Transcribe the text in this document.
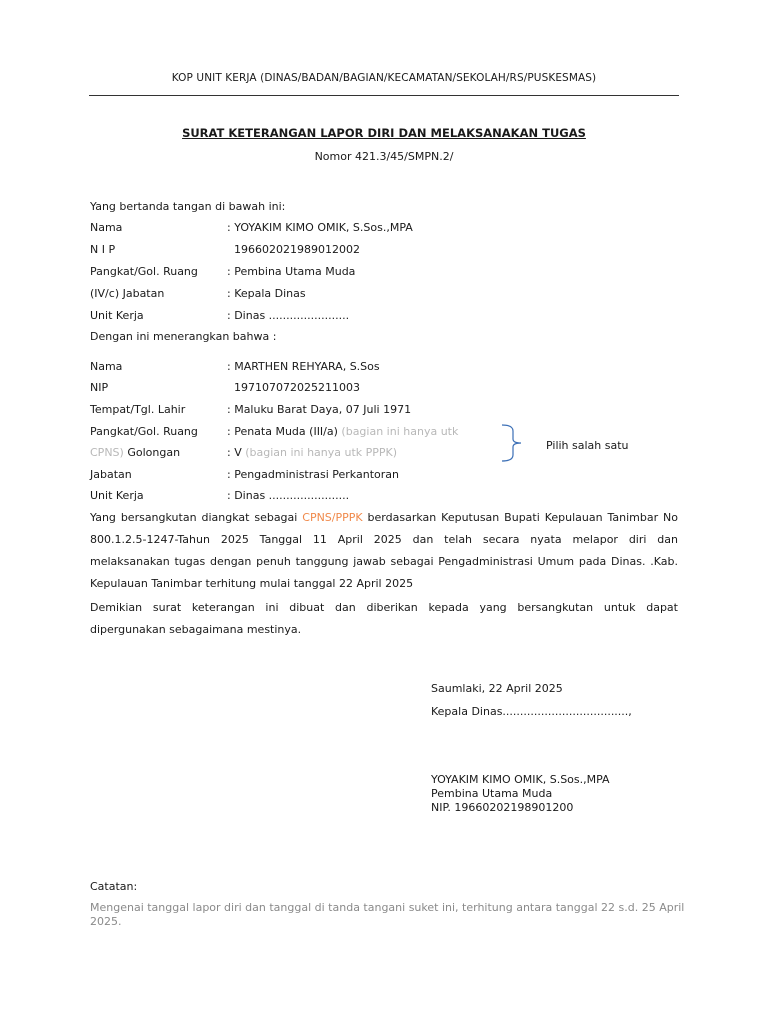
KOP UNIT KERJA (DINAS/BADAN/BAGIAN/KECAMATAN/SEKOLAH/RS/PUSKESMAS)
SURAT KETERANGAN LAPOR DIRI DAN MELAKSANAKAN TUGAS
Nomor 421.3/45/SMPN.2/
Yang bertanda tangan di bawah ini:
Nama	: YOYAKIM KIMO OMIK, S.Sos.,MPA
N I P	196602021989012002
Pangkat/Gol. Ruang	: Pembina Utama Muda
(IV/c) Jabatan	: Kepala Dinas
Unit Kerja	: Dinas .......................
Dengan ini menerangkan bahwa :
Nama	: MARTHEN REHYARA, S.Sos
NIP	197107072025211003
Tempat/Tgl. Lahir	: Maluku Barat Daya, 07 Juli 1971
Pangkat/Gol. Ruang	: Penata Muda (III/a) (bagian ini hanya utk
CPNS) Golongan	: V (bagian ini hanya utk PPPK)
Pilih salah satu
Jabatan	: Pengadministrasi Perkantoran
Unit Kerja	: Dinas .......................
Yang bersangkutan diangkat sebagai CPNS/PPPK berdasarkan Keputusan Bupati Kepulauan Tanimbar No
800.1.2.5-1247-Tahun 2025 Tanggal 11 April 2025 dan telah secara nyata melapor diri dan
melaksanakan tugas dengan penuh tanggung jawab sebagai Pengadministrasi Umum pada Dinas. .Kab.
Kepulauan Tanimbar terhitung mulai tanggal 22 April 2025
Demikian surat keterangan ini dibuat dan diberikan kepada yang bersangkutan untuk dapat
dipergunakan sebagaimana mestinya.
Saumlaki, 22 April 2025
Kepala Dinas....................................,
YOYAKIM KIMO OMIK, S.Sos.,MPA
Pembina Utama Muda
NIP. 19660202198901200
Catatan:
Mengenai tanggal lapor diri dan tanggal di tanda tangani suket ini, terhitung antara tanggal 22 s.d. 25 April 2025.
